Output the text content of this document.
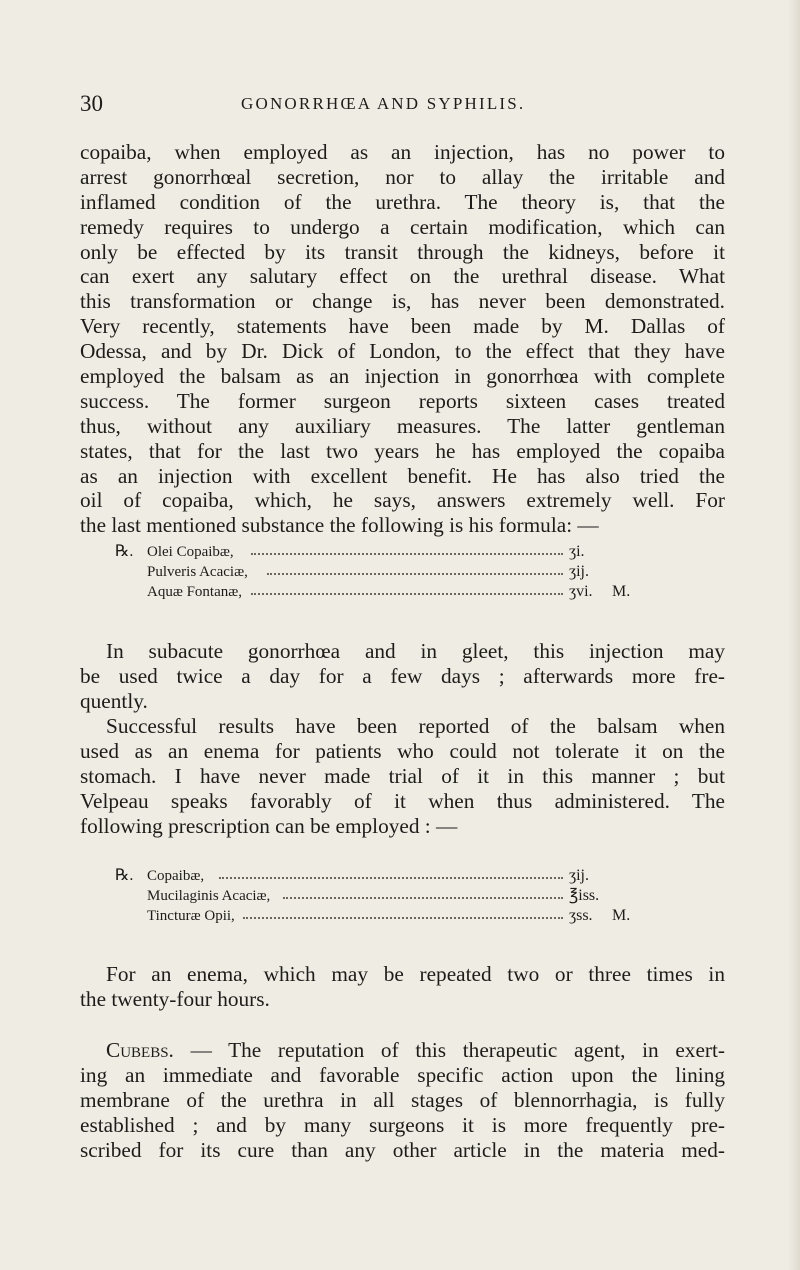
30	GONORRHŒA AND SYPHILIS.

copaiba, when employed as an injection, has no power to
arrest gonorrhœal secretion, nor to allay the irritable and
inflamed condition of the urethra. The theory is, that the
remedy requires to undergo a certain modification, which can
only be effected by its transit through the kidneys, before it
can exert any salutary effect on the urethral disease. What
this transformation or change is, has never been demonstrated.
Very recently, statements have been made by M. Dallas of
Odessa, and by Dr. Dick of London, to the effect that they have
employed the balsam as an injection in gonorrhœa with complete
success. The former surgeon reports sixteen cases treated
thus, without any auxiliary measures. The latter gentleman
states, that for the last two years he has employed the copaiba
as an injection with excellent benefit. He has also tried the
oil of copaiba, which, he says, answers extremely well. For
the last mentioned substance the following is his formula: —

℞. Olei Copaibæ,	ʒi.
Pulveris Acaciæ,	ʒij.
Aquæ Fontanæ,	ʒvi. M.

In subacute gonorrhœa and in gleet, this injection may
be used twice a day for a few days ; afterwards more fre-
quently.

Successful results have been reported of the balsam when
used as an enema for patients who could not tolerate it on the
stomach. I have never made trial of it in this manner ; but
Velpeau speaks favorably of it when thus administered. The
following prescription can be employed : —

℞. Copaibæ,	ʒij.
Mucilaginis Acaciæ,	℥iss.
Tincturæ Opii,	ʒss. M.

For an enema, which may be repeated two or three times in
the twenty-four hours.

Cubebs. — The reputation of this therapeutic agent, in exert-
ing an immediate and favorable specific action upon the lining
membrane of the urethra in all stages of blennorrhagia, is fully
established ; and by many surgeons it is more frequently pre-
scribed for its cure than any other article in the materia med-
